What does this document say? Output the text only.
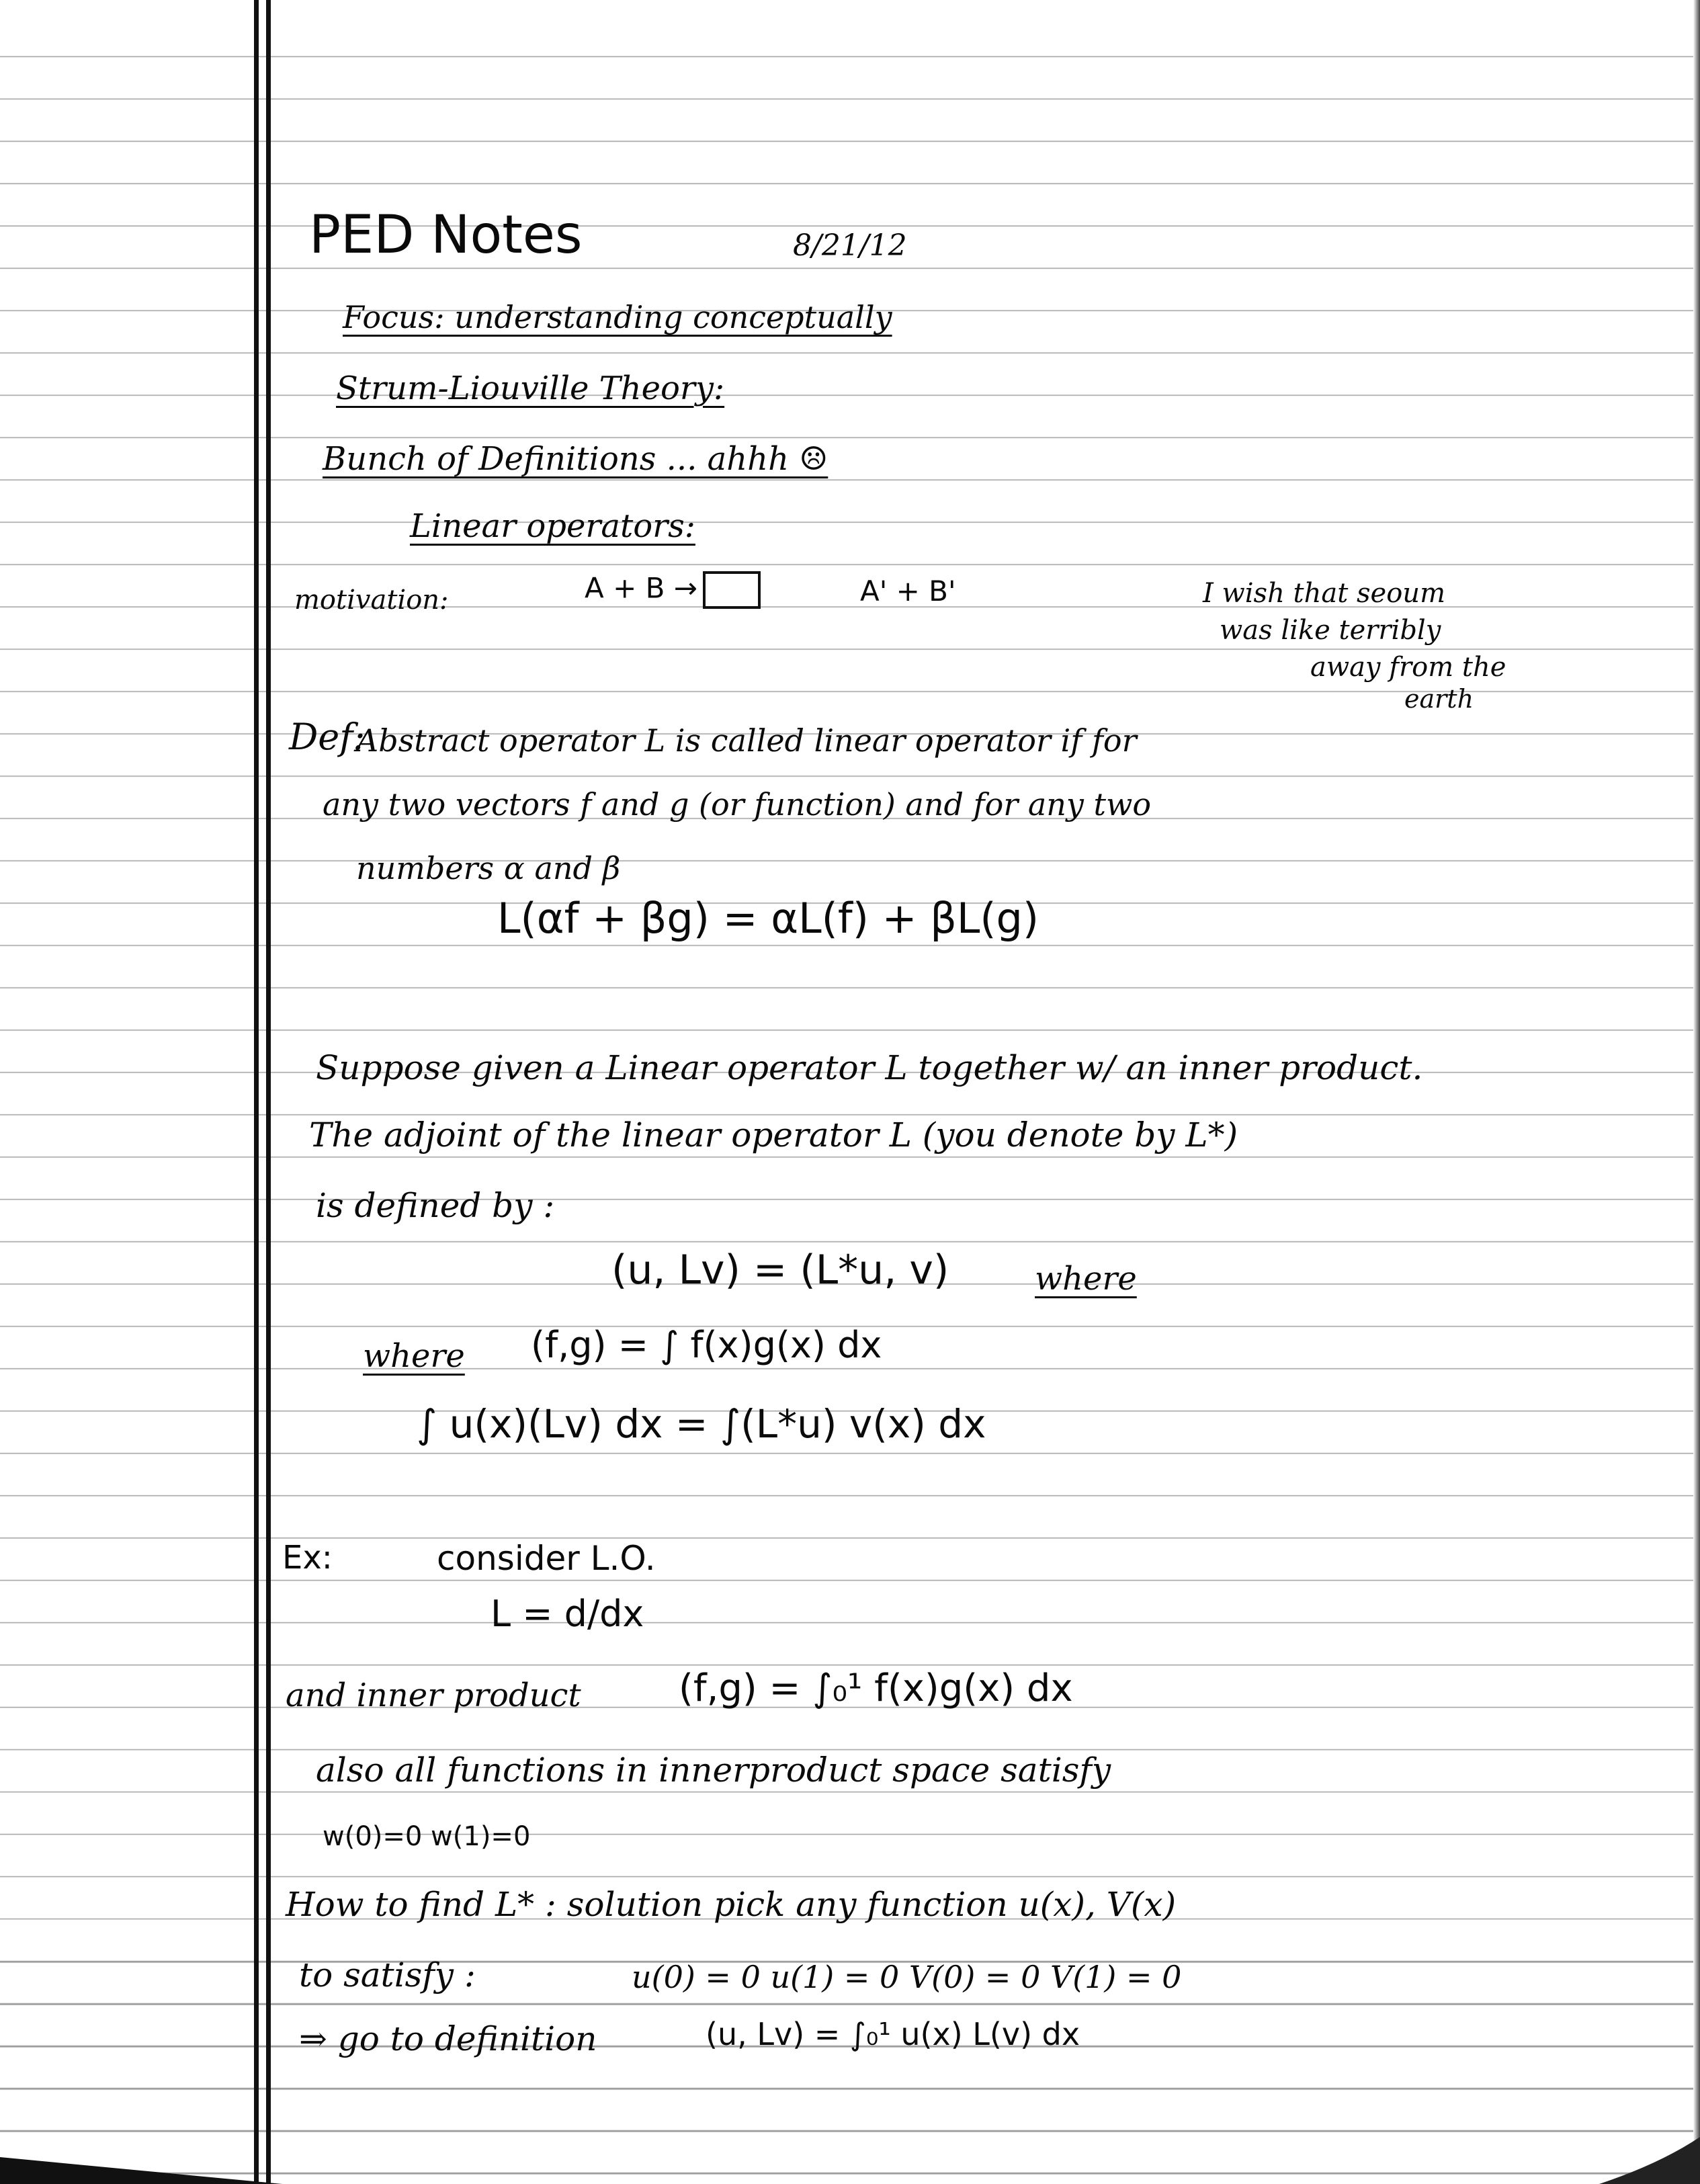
PED Notes	8/21/12
Focus: understanding conceptually
Strum-Liouville Theory:
Bunch of Definitions ... ahhh ☹
Linear operators:
motivation:	A + B →	A' + B'	I wish that seoum
was like terribly
away from the
earth
Def:
Abstract operator L is called linear operator if for
any two vectors f and g (or function) and for any two
numbers α and β
L(αf + βg) = αL(f) + βL(g)
Suppose given a Linear operator L together w/ an inner product.
The adjoint of the linear operator L (you denote by L*)
is defined by :
(u, Lv) = (L*u, v)	where
where (f,g) = ∫ f(x)g(x) dx
∫ u(x)(Lv) dx = ∫(L*u) v(x) dx
Ex:	consider L.O.
L = d/dx
and inner product	(f,g) = ∫₀¹ f(x)g(x) dx
also all functions in innerproduct space satisfy
w(0)=0 w(1)=0
How to find L* : solution pick any function u(x), V(x)
to satisfy :	u(0) = 0 u(1) = 0 V(0) = 0 V(1) = 0
⇒ go to definition	(u, Lv) = ∫₀¹ u(x) L(v) dx
